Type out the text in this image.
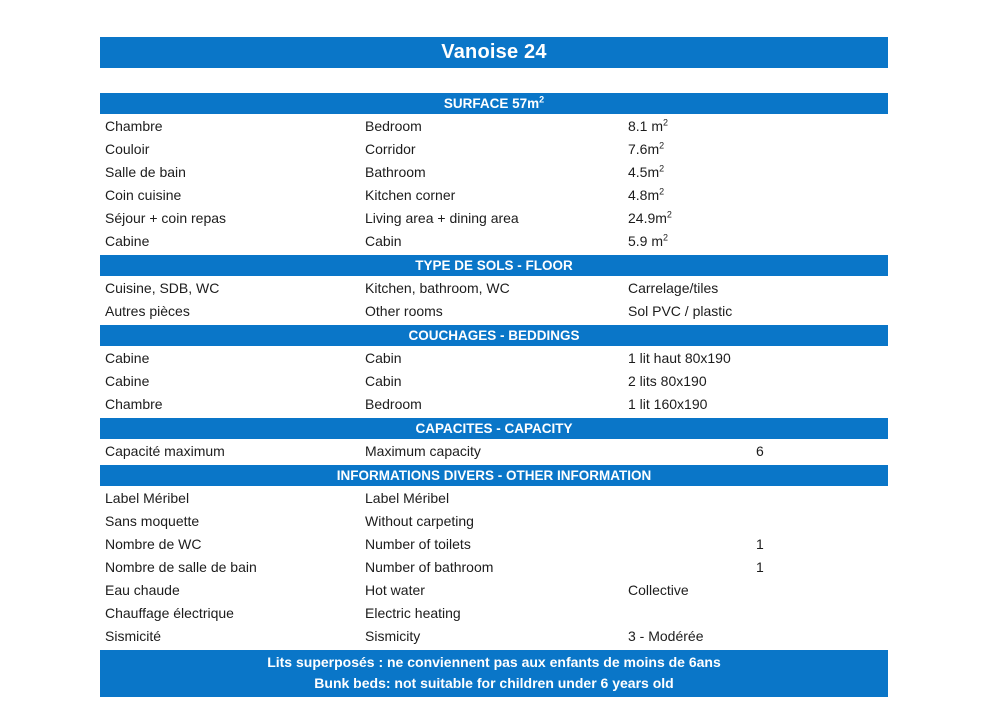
Vanoise 24
SURFACE $57m^2$
Chambre	Bedroom	8.1 $m^2$
Couloir	Corridor	$7.6m^2$
Salle de bain	Bathroom	$4.5m^2$
Coin cuisine	Kitchen corner	$4.8m^2$
Séjour + coin repas	Living area + dining area	$24.9m^2$
Cabine	Cabin	5.9 $m^2$
TYPE DE SOLS - FLOOR
Cuisine, SDB, WC	Kitchen, bathroom, WC	Carrelage/tiles
Autres pièces	Other rooms	Sol PVC / plastic
COUCHAGES - BEDDINGS
Cabine	Cabin	1 lit haut 80x190
Cabine	Cabin	2 lits 80x190
Chambre	Bedroom	1 lit 160x190
CAPACITES - CAPACITY
Capacité maximum	Maximum capacity	6
INFORMATIONS DIVERS - OTHER INFORMATION
Label Méribel	Label Méribel
Sans moquette	Without carpeting
Nombre de WC	Number of toilets	1
Nombre de salle de bain	Number of bathroom	1
Eau chaude	Hot water	Collective
Chauffage électrique	Electric heating
Sismicité	Sismicity	3 - Modérée
Lits superposés : ne conviennent pas aux enfants de moins de 6ans
Bunk beds: not suitable for children under 6 years old
